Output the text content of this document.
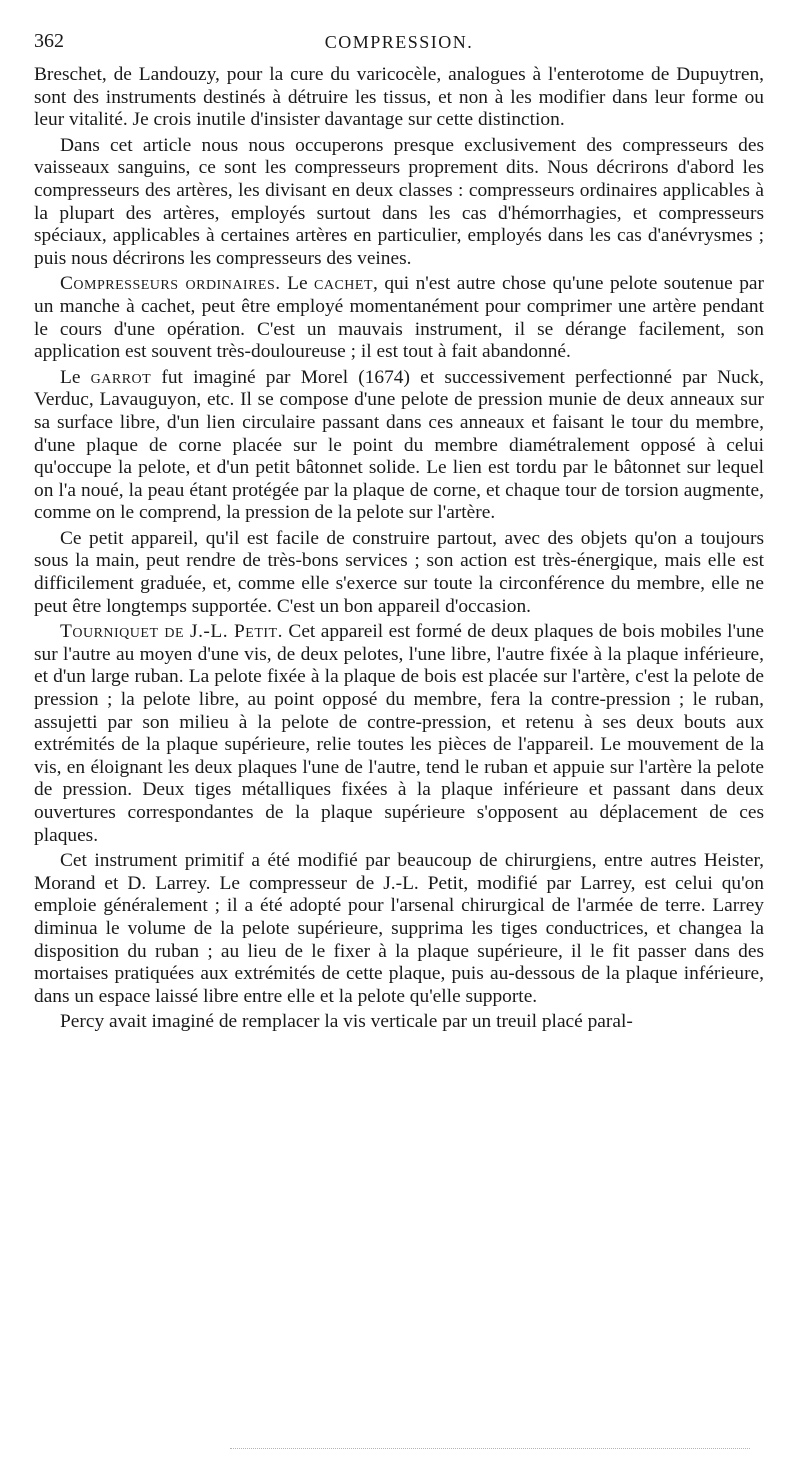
362	COMPRESSION.

Breschet, de Landouzy, pour la cure du varicocèle, analogues à l'enterotome de Dupuytren, sont des instruments destinés à détruire les tissus, et non à les modifier dans leur forme ou leur vitalité. Je crois inutile d'insister davantage sur cette distinction.

Dans cet article nous nous occuperons presque exclusivement des compresseurs des vaisseaux sanguins, ce sont les compresseurs proprement dits. Nous décrirons d'abord les compresseurs des artères, les divisant en deux classes : compresseurs ordinaires applicables à la plupart des artères, employés surtout dans les cas d'hémorrhagies, et compresseurs spéciaux, applicables à certaines artères en particulier, employés dans les cas d'anévrysmes ; puis nous décrirons les compresseurs des veines.

Compresseurs ordinaires. Le cachet, qui n'est autre chose qu'une pelote soutenue par un manche à cachet, peut être employé momentanément pour comprimer une artère pendant le cours d'une opération. C'est un mauvais instrument, il se dérange facilement, son application est souvent très-douloureuse ; il est tout à fait abandonné.

Le garrot fut imaginé par Morel (1674) et successivement perfectionné par Nuck, Verduc, Lavauguyon, etc. Il se compose d'une pelote de pression munie de deux anneaux sur sa surface libre, d'un lien circulaire passant dans ces anneaux et faisant le tour du membre, d'une plaque de corne placée sur le point du membre diamétralement opposé à celui qu'occupe la pelote, et d'un petit bâtonnet solide. Le lien est tordu par le bâtonnet sur lequel on l'a noué, la peau étant protégée par la plaque de corne, et chaque tour de torsion augmente, comme on le comprend, la pression de la pelote sur l'artère.

Ce petit appareil, qu'il est facile de construire partout, avec des objets qu'on a toujours sous la main, peut rendre de très-bons services ; son action est très-énergique, mais elle est difficilement graduée, et, comme elle s'exerce sur toute la circonférence du membre, elle ne peut être longtemps supportée. C'est un bon appareil d'occasion.

Tourniquet de J.-L. Petit. Cet appareil est formé de deux plaques de bois mobiles l'une sur l'autre au moyen d'une vis, de deux pelotes, l'une libre, l'autre fixée à la plaque inférieure, et d'un large ruban. La pelote fixée à la plaque de bois est placée sur l'artère, c'est la pelote de pression ; la pelote libre, au point opposé du membre, fera la contre-pression ; le ruban, assujetti par son milieu à la pelote de contre-pression, et retenu à ses deux bouts aux extrémités de la plaque supérieure, relie toutes les pièces de l'appareil. Le mouvement de la vis, en éloignant les deux plaques l'une de l'autre, tend le ruban et appuie sur l'artère la pelote de pression. Deux tiges métalliques fixées à la plaque inférieure et passant dans deux ouvertures correspondantes de la plaque supérieure s'opposent au déplacement de ces plaques.

Cet instrument primitif a été modifié par beaucoup de chirurgiens, entre autres Heister, Morand et D. Larrey. Le compresseur de J.-L. Petit, modifié par Larrey, est celui qu'on emploie généralement ; il a été adopté pour l'arsenal chirurgical de l'armée de terre. Larrey diminua le volume de la pelote supérieure, supprima les tiges conductrices, et changea la disposition du ruban ; au lieu de le fixer à la plaque supérieure, il le fit passer dans des mortaises pratiquées aux extrémités de cette plaque, puis au-dessous de la plaque inférieure, dans un espace laissé libre entre elle et la pelote qu'elle supporte.

Percy avait imaginé de remplacer la vis verticale par un treuil placé paral-
